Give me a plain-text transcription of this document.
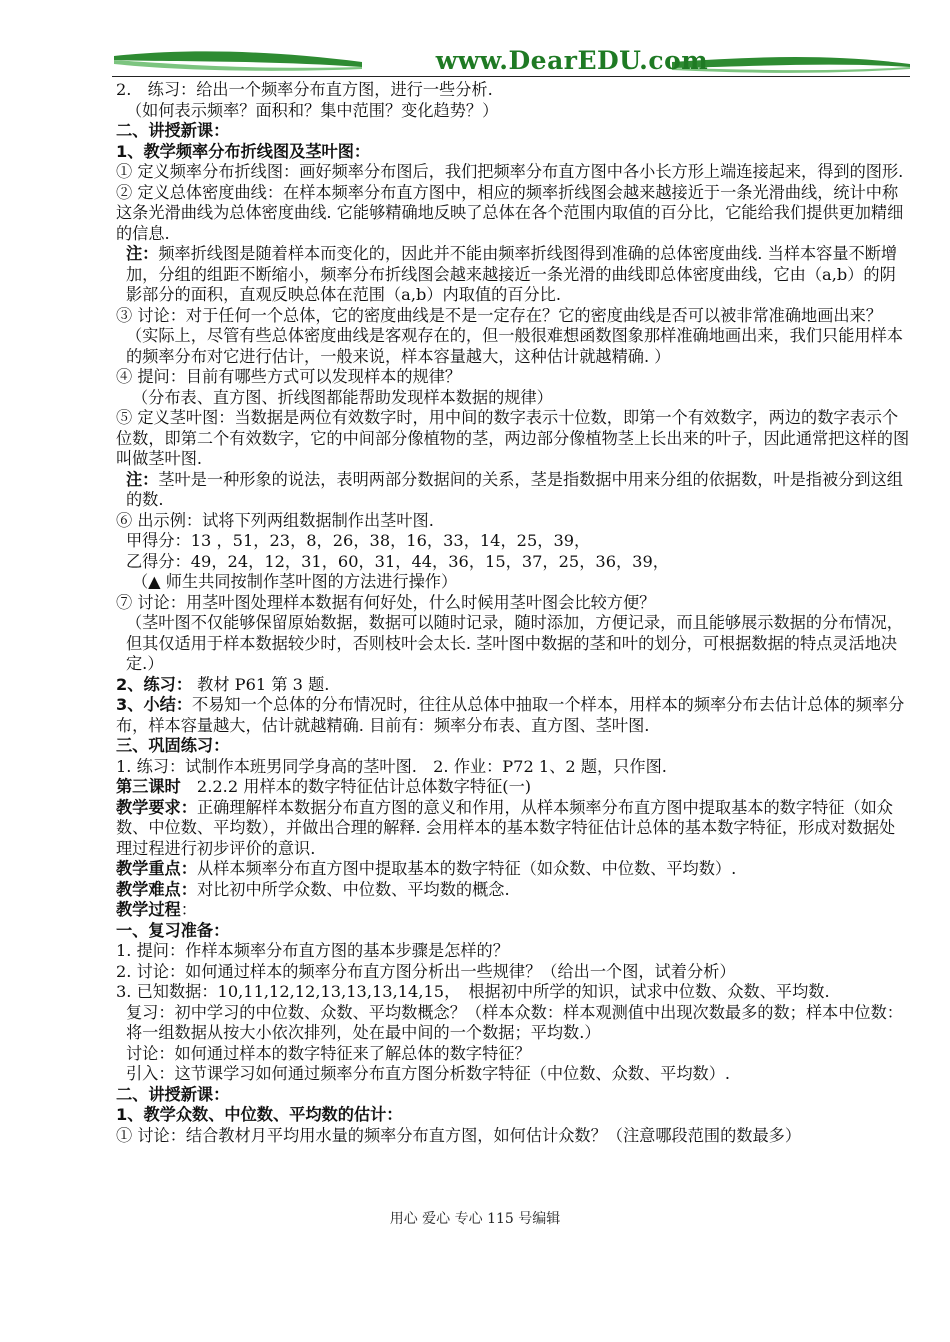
www.DearEDU.com
2.　练习：给出一个频率分布直方图，进行一些分析.
（如何表示频率？面积和？集中范围？变化趋势？）
二、讲授新课：
1、教学频率分布折线图及茎叶图：
① 定义频率分布折线图：画好频率分布图后，我们把频率分布直方图中各小长方形上端连接起来，得到的图形.
② 定义总体密度曲线：在样本频率分布直方图中，相应的频率折线图会越来越接近于一条光滑曲线，统计中称这条光滑曲线为总体密度曲线. 它能够精确地反映了总体在各个范围内取值的百分比，它能给我们提供更加精细的信息.
注：频率折线图是随着样本而变化的，因此并不能由频率折线图得到准确的总体密度曲线. 当样本容量不断增加，分组的组距不断缩小，频率分布折线图会越来越接近一条光滑的曲线即总体密度曲线，它由（a,b）的阴影部分的面积，直观反映总体在范围（a,b）内取值的百分比.
③ 讨论：对于任何一个总体，它的密度曲线是不是一定存在？它的密度曲线是否可以被非常准确地画出来？
（实际上，尽管有些总体密度曲线是客观存在的，但一般很难想函数图象那样准确地画出来，我们只能用样本的频率分布对它进行估计，一般来说，样本容量越大，这种估计就越精确. ）
④ 提问：目前有哪些方式可以发现样本的规律？
（分布表、直方图、折线图都能帮助发现样本数据的规律）
⑤ 定义茎叶图：当数据是两位有效数字时，用中间的数字表示十位数，即第一个有效数字，两边的数字表示个位数，即第二个有效数字，它的中间部分像植物的茎，两边部分像植物茎上长出来的叶子，因此通常把这样的图叫做茎叶图.
注：茎叶是一种形象的说法，表明两部分数据间的关系，茎是指数据中用来分组的依据数，叶是指被分到这组的数.
⑥ 出示例：试将下列两组数据制作出茎叶图.
甲得分：13 ，51，23，8，26，38，16，33，14，25，39，
乙得分：49，24，12，31，60，31，44，36，15，37，25，36，39，
（▲ 师生共同按制作茎叶图的方法进行操作）
⑦ 讨论：用茎叶图处理样本数据有何好处，什么时候用茎叶图会比较方便？
（茎叶图不仅能够保留原始数据，数据可以随时记录，随时添加，方便记录，而且能够展示数据的分布情况，但其仅适用于样本数据较少时，否则枝叶会太长. 茎叶图中数据的茎和叶的划分，可根据数据的特点灵活地决定.）
2、练习： 教材 P61 第 3 题.
3、小结：不易知一个总体的分布情况时，往往从总体中抽取一个样本，用样本的频率分布去估计总体的频率分布，样本容量越大，估计就越精确. 目前有：频率分布表、直方图、茎叶图.
三、巩固练习：
1. 练习：试制作本班男同学身高的茎叶图.　2. 作业：P72 1、2 题，只作图.
第三课时　2.2.2 用样本的数字特征估计总体数字特征(一)
教学要求：正确理解样本数据分布直方图的意义和作用，从样本频率分布直方图中提取基本的数字特征（如众数、中位数、平均数），并做出合理的解释. 会用样本的基本数字特征估计总体的基本数字特征，形成对数据处理过程进行初步评价的意识.
教学重点：从样本频率分布直方图中提取基本的数字特征（如众数、中位数、平均数）.
教学难点：对比初中所学众数、中位数、平均数的概念.
教学过程：
一、复习准备：
1. 提问：作样本频率分布直方图的基本步骤是怎样的？
2. 讨论：如何通过样本的频率分布直方图分析出一些规律？（给出一个图，试着分析）
3. 已知数据：10,11,12,12,13,13,13,14,15，　根据初中所学的知识，试求中位数、众数、平均数.
复习：初中学习的中位数、众数、平均数概念？（样本众数：样本观测值中出现次数最多的数；样本中位数：将一组数据从按大小依次排列，处在最中间的一个数据；平均数.）
讨论：如何通过样本的数字特征来了解总体的数字特征？
引入：这节课学习如何通过频率分布直方图分析数字特征（中位数、众数、平均数）.
二、讲授新课：
1、教学众数、中位数、平均数的估计：
① 讨论：结合教材月平均用水量的频率分布直方图，如何估计众数？（注意哪段范围的数最多）
用心 爱心 专心 115 号编辑
